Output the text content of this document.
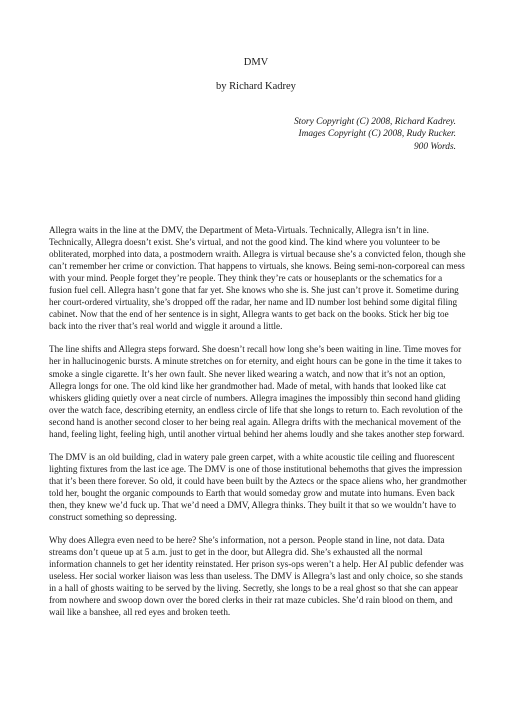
DMV
by Richard Kadrey
Story Copyright (C) 2008, Richard Kadrey.
Images Copyright (C) 2008, Rudy Rucker.
900 Words.

Allegra waits in the line at the DMV, the Department of Meta-Virtuals. Technically, Allegra isn’t in line. Technically, Allegra doesn’t exist. She’s virtual, and not the good kind. The kind where you volunteer to be obliterated, morphed into data, a postmodern wraith. Allegra is virtual because she’s a convicted felon, though she can’t remember her crime or conviction. That happens to virtuals, she knows. Being semi-non-corporeal can mess with your mind. People forget they’re people. They think they’re cats or houseplants or the schematics for a fusion fuel cell. Allegra hasn’t gone that far yet. She knows who she is. She just can’t prove it. Sometime during her court-ordered virtuality, she’s dropped off the radar, her name and ID number lost behind some digital filing cabinet. Now that the end of her sentence is in sight, Allegra wants to get back on the books. Stick her big toe back into the river that’s real world and wiggle it around a little.

The line shifts and Allegra steps forward. She doesn’t recall how long she’s been waiting in line. Time moves for her in hallucinogenic bursts. A minute stretches on for eternity, and eight hours can be gone in the time it takes to smoke a single cigarette. It’s her own fault. She never liked wearing a watch, and now that it’s not an option, Allegra longs for one. The old kind like her grandmother had. Made of metal, with hands that looked like cat whiskers gliding quietly over a neat circle of numbers. Allegra imagines the impossibly thin second hand gliding over the watch face, describing eternity, an endless circle of life that she longs to return to. Each revolution of the second hand is another second closer to her being real again. Allegra drifts with the mechanical movement of the hand, feeling light, feeling high, until another virtual behind her ahems loudly and she takes another step forward.

The DMV is an old building, clad in watery pale green carpet, with a white acoustic tile ceiling and fluorescent lighting fixtures from the last ice age. The DMV is one of those institutional behemoths that gives the impression that it’s been there forever. So old, it could have been built by the Aztecs or the space aliens who, her grandmother told her, bought the organic compounds to Earth that would someday grow and mutate into humans. Even back then, they knew we’d fuck up. That we’d need a DMV, Allegra thinks. They built it that so we wouldn’t have to construct something so depressing.

Why does Allegra even need to be here? She’s information, not a person. People stand in line, not data. Data streams don’t queue up at 5 a.m. just to get in the door, but Allegra did. She’s exhausted all the normal information channels to get her identity reinstated. Her prison sys-ops weren’t a help. Her AI public defender was useless. Her social worker liaison was less than useless. The DMV is Allegra’s last and only choice, so she stands in a hall of ghosts waiting to be served by the living. Secretly, she longs to be a real ghost so that she can appear from nowhere and swoop down over the bored clerks in their rat maze cubicles. She’d rain blood on them, and wail like a banshee, all red eyes and broken teeth.
